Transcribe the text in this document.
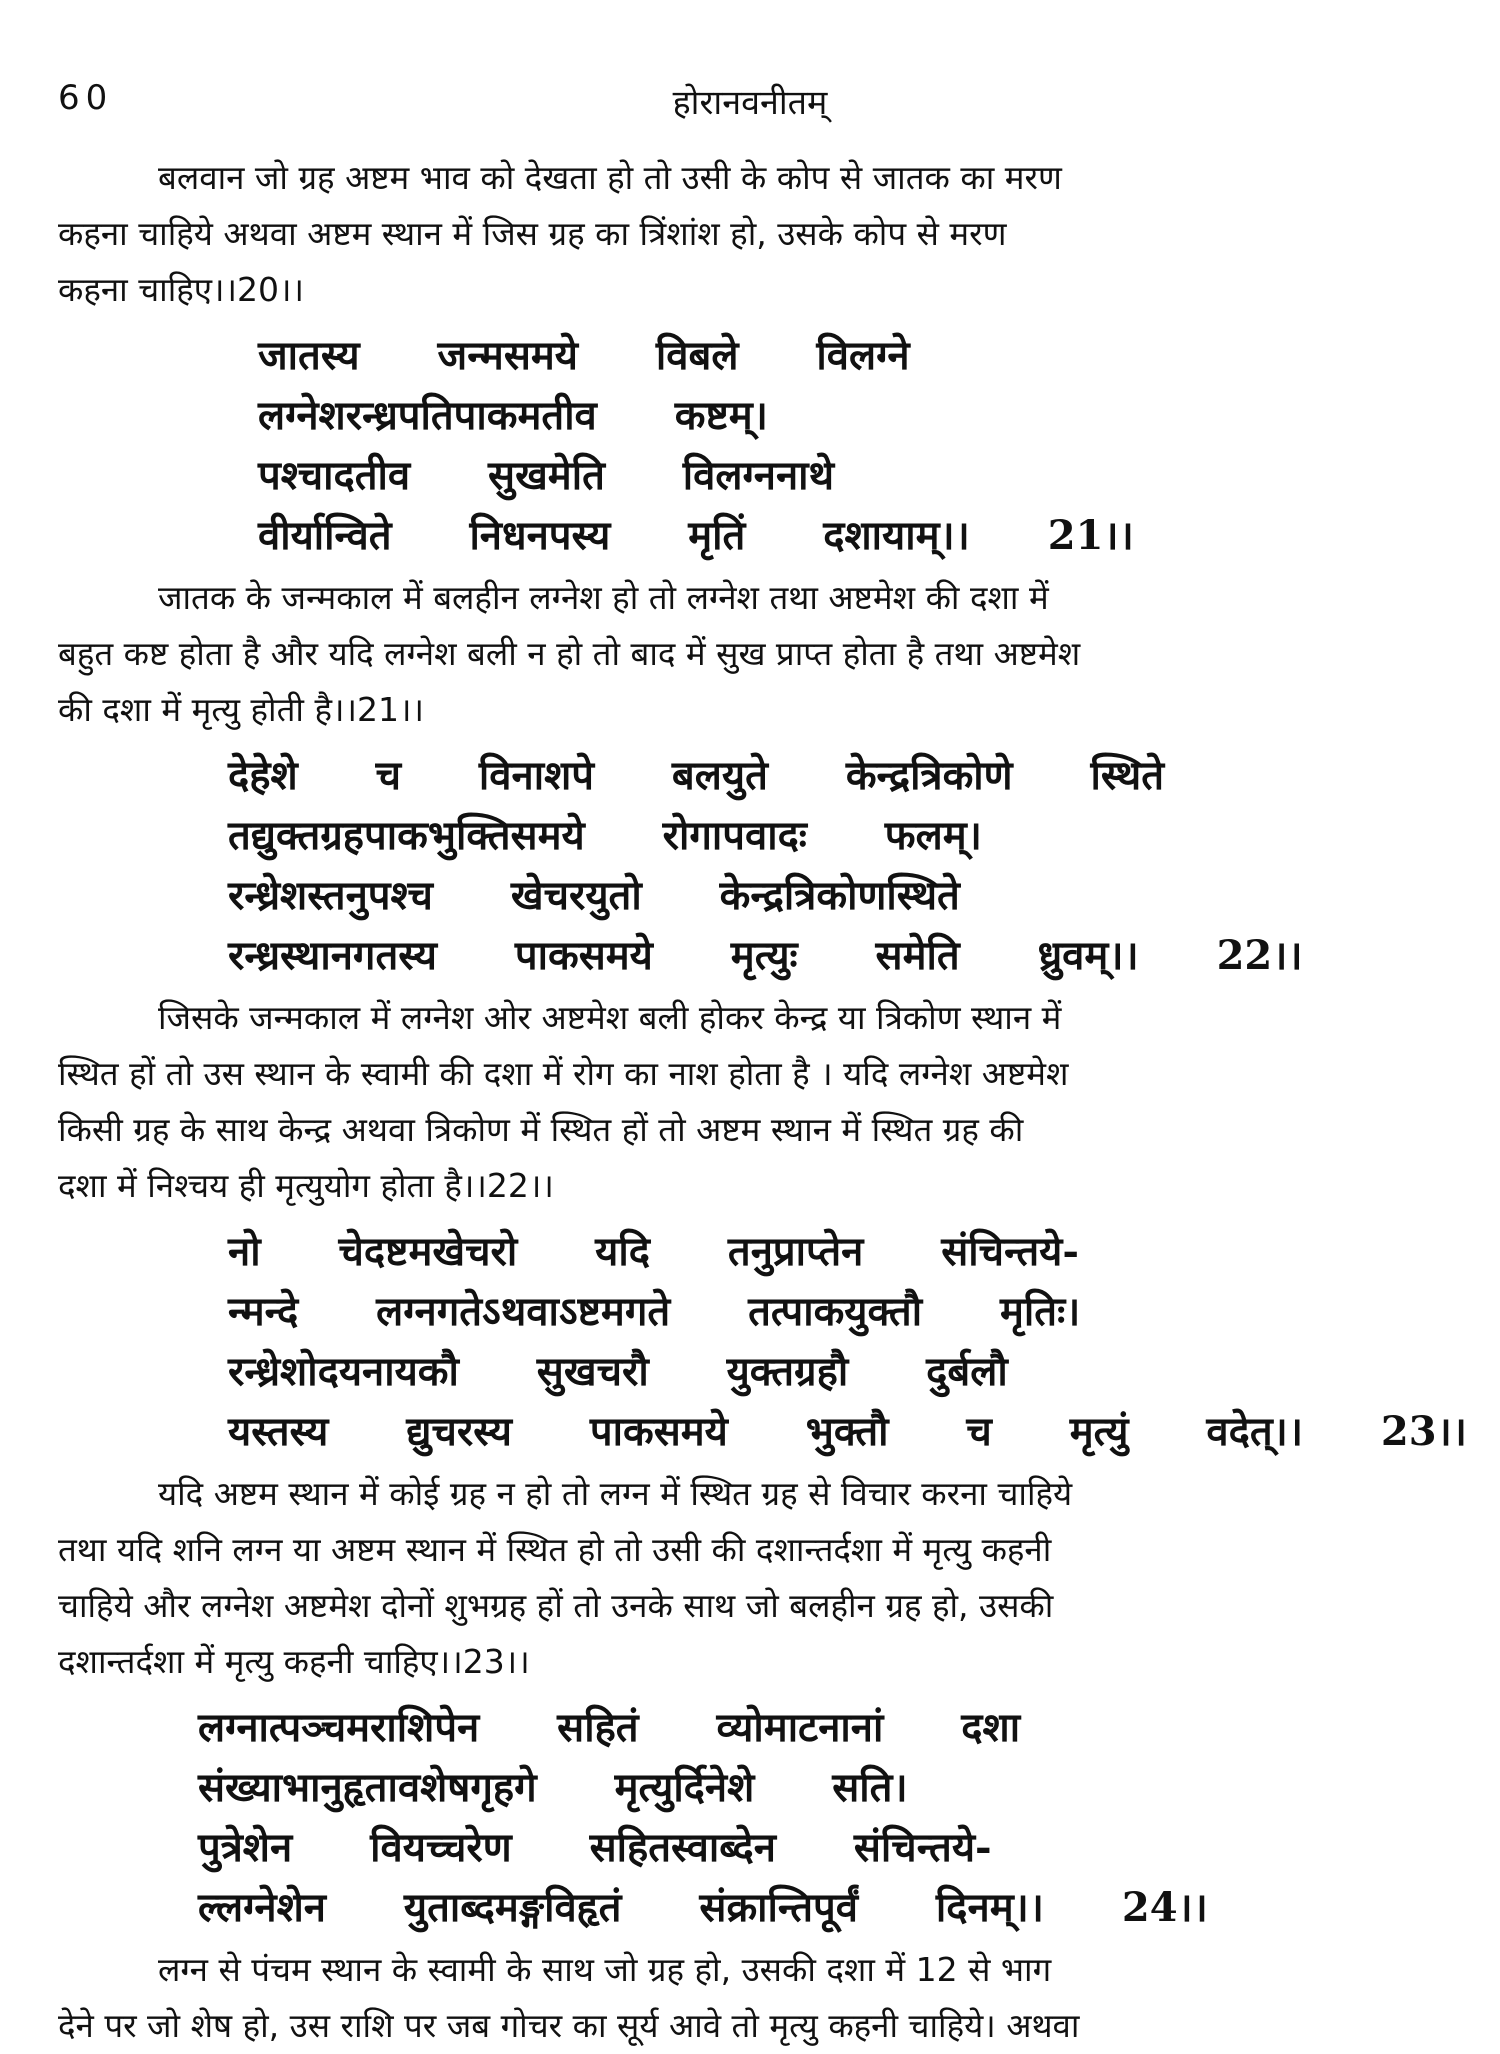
60	होरानवनीतम्

बलवान जो ग्रह अष्टम भाव को देखता हो तो उसी के कोप से जातक का मरण
कहना चाहिये अथवा अष्टम स्थान में जिस ग्रह का त्रिंशांश हो, उसके कोप से मरण
कहना चाहिए।।20।।

जातस्य जन्मसमये विबले विलग्ने
लग्नेशरन्ध्रपतिपाकमतीव कष्टम्।
पश्चादतीव सुखमेति विलग्ननाथे
वीर्यान्विते निधनपस्य मृतिं दशायाम्।। 21।।

जातक के जन्मकाल में बलहीन लग्नेश हो तो लग्नेश तथा अष्टमेश की दशा में
बहुत कष्ट होता है और यदि लग्नेश बली न हो तो बाद में सुख प्राप्त होता है तथा अष्टमेश
की दशा में मृत्यु होती है।।21।।

देहेशे च विनाशपे बलयुते केन्द्रत्रिकोणे स्थिते
तद्युक्तग्रहपाकभुक्तिसमये रोगापवादः फलम्।
रन्ध्रेशस्तनुपश्च खेचरयुतो केन्द्रत्रिकोणस्थिते
रन्ध्रस्थानगतस्य पाकसमये मृत्युः समेति ध्रुवम्।। 22।।

जिसके जन्मकाल में लग्नेश ओर अष्टमेश बली होकर केन्द्र या त्रिकोण स्थान में
स्थित हों तो उस स्थान के स्वामी की दशा में रोग का नाश होता है । यदि लग्नेश अष्टमेश
किसी ग्रह के साथ केन्द्र अथवा त्रिकोण में स्थित हों तो अष्टम स्थान में स्थित ग्रह की
दशा में निश्चय ही मृत्युयोग होता है।।22।।

नो चेदष्टमखेचरो यदि तनुप्राप्तेन संचिन्तये-
न्मन्दे लग्नगतेऽथवाऽष्टमगते तत्पाकयुक्तौ मृतिः।
रन्ध्रेशोदयनायकौ सुखचरौ युक्तग्रहौ दुर्बलौ
यस्तस्य द्युचरस्य पाकसमये भुक्तौ च मृत्युं वदेत्।। 23।।

यदि अष्टम स्थान में कोई ग्रह न हो तो लग्न में स्थित ग्रह से विचार करना चाहिये
तथा यदि शनि लग्न या अष्टम स्थान में स्थित हो तो उसी की दशान्तर्दशा में मृत्यु कहनी
चाहिये और लग्नेश अष्टमेश दोनों शुभग्रह हों तो उनके साथ जो बलहीन ग्रह हो, उसकी
दशान्तर्दशा में मृत्यु कहनी चाहिए।।23।।

लग्नात्पञ्चमराशिपेन सहितं व्योमाटनानां दशा
संख्याभानुहृतावशेषगृहगे मृत्युर्दिनेशे सति।
पुत्रेशेन वियच्चरेण सहितस्वाब्देन संचिन्तये-
ल्लग्नेशेन युताब्दमङ्गविहृतं संक्रान्तिपूर्वं दिनम्।। 24।।

लग्न से पंचम स्थान के स्वामी के साथ जो ग्रह हो, उसकी दशा में 12 से भाग
देने पर जो शेष हो, उस राशि पर जब गोचर का सूर्य आवे तो मृत्यु कहनी चाहिये। अथवा
